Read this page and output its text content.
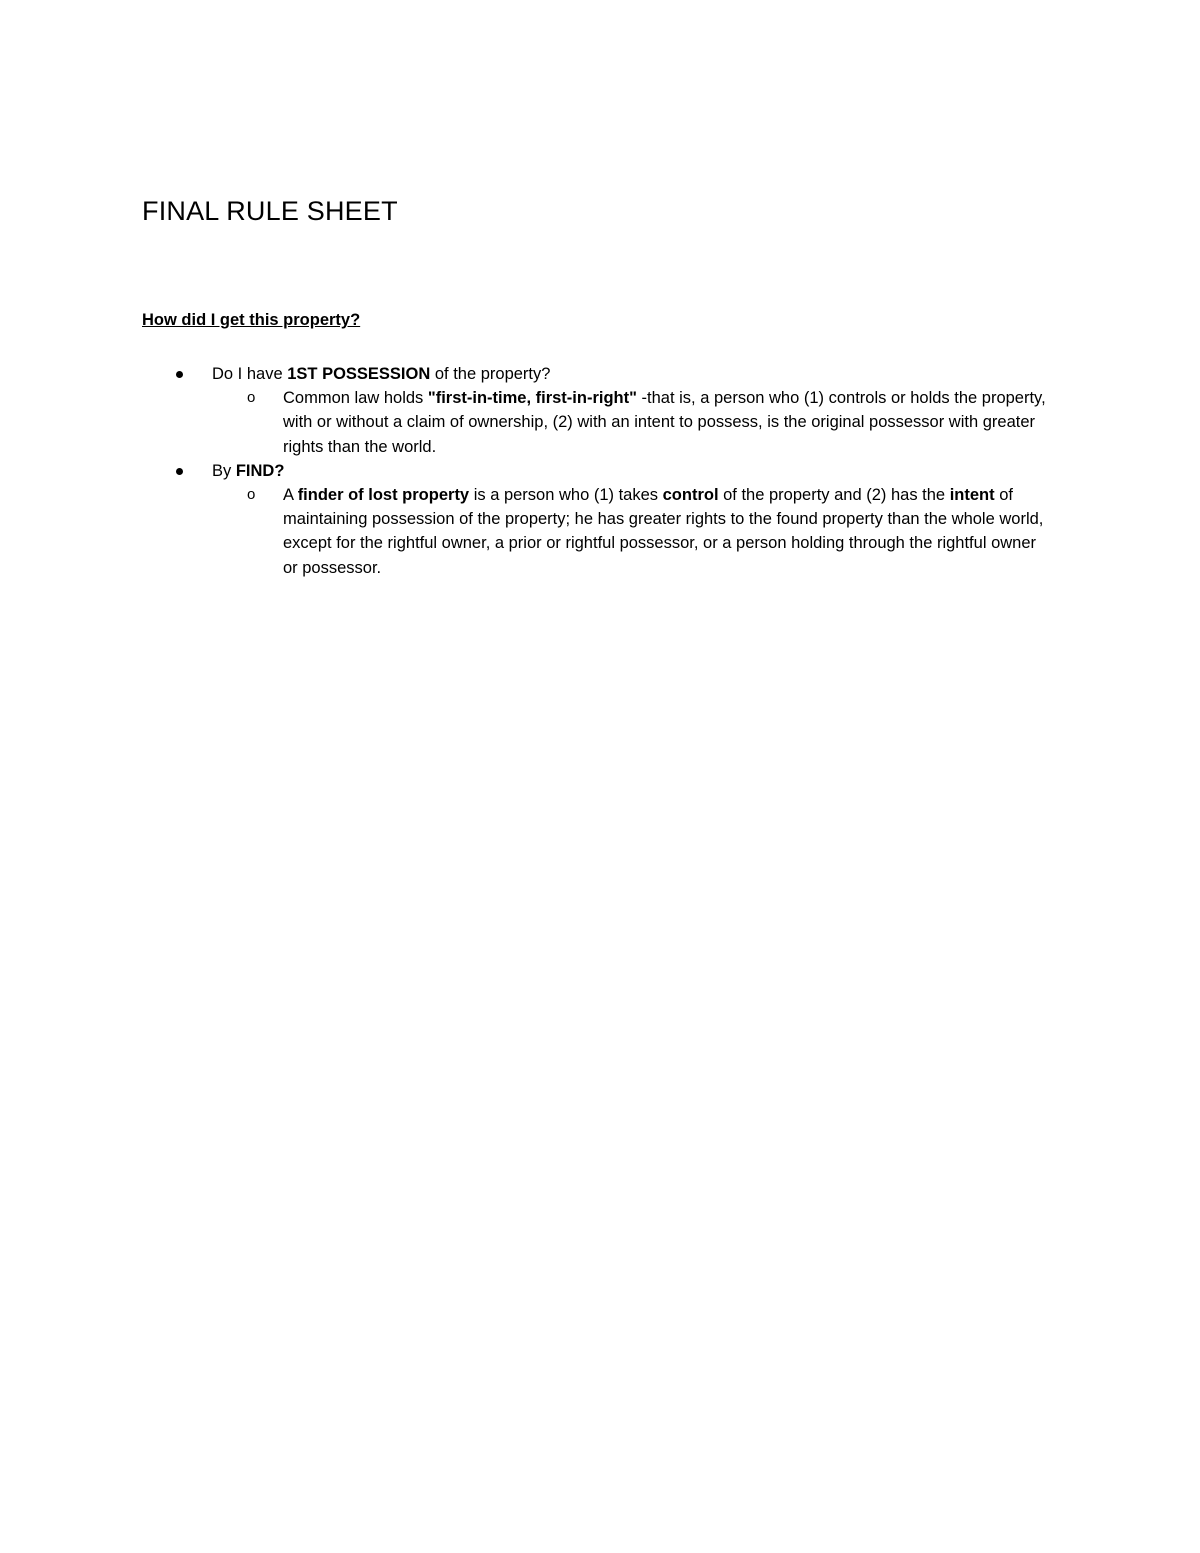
FINAL RULE SHEET
How did I get this property?
Do I have 1ST POSSESSION of the property?
o Common law holds "first-in-time, first-in-right" -that is, a person who (1) controls or holds the property, with or without a claim of ownership, (2) with an intent to possess, is the original possessor with greater rights than the world.
By FIND?
o A finder of lost property is a person who (1) takes control of the property and (2) has the intent of maintaining possession of the property; he has greater rights to the found property than the whole world, except for the rightful owner, a prior or rightful possessor, or a person holding through the rightful owner or possessor.
